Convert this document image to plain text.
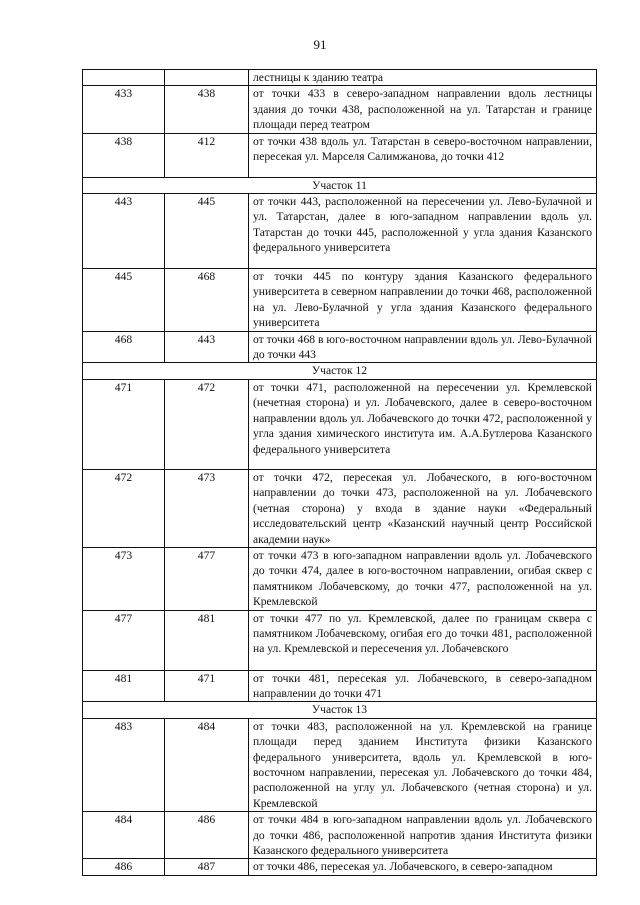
91
		лестницы к зданию театра
433	438	от точки 433 в северо-западном направлении вдоль лестницы здания до точки 438, расположенной на ул. Татарстан и границе площади перед театром
438	412	от точки 438 вдоль ул. Татарстан в северо-восточном направлении, пересекая ул. Марселя Салимжанова, до точки 412
Участок 11		
443	445	от точки 443, расположенной на пересечении ул. Лево-Булачной и ул. Татарстан, далее в юго-западном направлении вдоль ул. Татарстан до точки 445, расположенной у угла здания Казанского федерального университета
445	468	от точки 445 по контуру здания Казанского федерального университета в северном направлении до точки 468, расположенной на ул. Лево-Булачной у угла здания Казанского федерального университета
468	443	от точки 468 в юго-восточном направлении вдоль ул. Лево-Булачной до точки 443
Участок 12		
471	472	от точки 471, расположенной на пересечении ул. Кремлевской (нечетная сторона) и ул. Лобачевского, далее в северо-восточном направлении вдоль ул. Лобачевского до точки 472, расположенной у угла здания химического института им. А.А.Бутлерова Казанского федерального университета
472	473	от точки 472, пересекая ул. Лобаческого, в юго-восточном направлении до точки 473, расположенной на ул. Лобачевского (четная сторона) у входа в здание науки «Федеральный исследовательский центр «Казанский научный центр Российской академии наук»
473	477	от точки 473 в юго-западном направлении вдоль ул. Лобачевского до точки 474, далее в юго-восточном направлении, огибая сквер с памятником Лобачевскому, до точки 477, расположенной на ул. Кремлевской
477	481	от точки 477 по ул. Кремлевской, далее по границам сквера с памятником Лобачевскому, огибая его до точки 481, расположенной на ул. Кремлевской и пересечения ул. Лобачевского
481	471	от точки 481, пересекая ул. Лобачевского, в северо-западном направлении до точки 471
Участок 13		
483	484	от точки 483, расположенной на ул. Кремлевской на границе площади перед зданием Института физики Казанского федерального университета, вдоль ул. Кремлевской в юго-восточном направлении, пересекая ул. Лобачевского до точки 484, расположенной на углу ул. Лобачевского (четная сторона) и ул. Кремлевской
484	486	от точки 484 в юго-западном направлении вдоль ул. Лобачевского до точки 486, расположенной напротив здания Института физики Казанского федерального университета
486	487	от точки 486, пересекая ул. Лобачевского, в северо-западном
